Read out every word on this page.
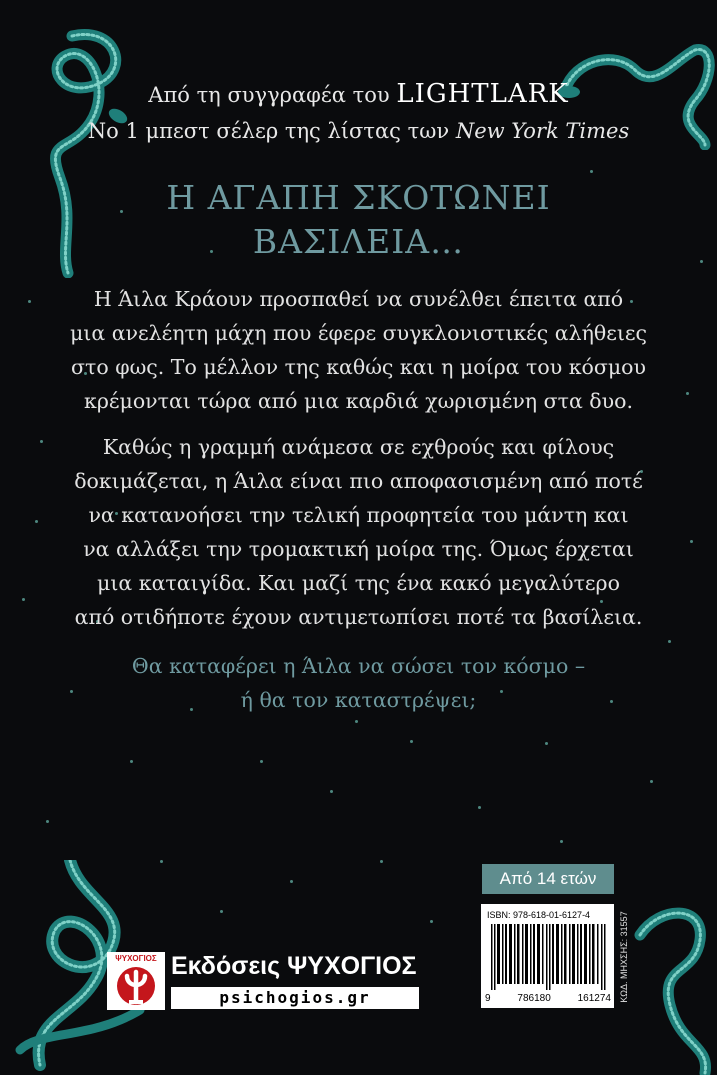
Από τη συγγραφέα του LIGHTLARK
Νο 1 μπεστ σέλερ της λίστας των New York Times
Η ΑΓΑΠΗ ΣΚΟΤΩΝΕΙ
ΒΑΣΙΛΕΙΑ…
Η Άιλα Κράουν προσπαθεί να συνέλθει έπειτα από
μια ανελέητη μάχη που έφερε συγκλονιστικές αλήθειες
στο φως. Το μέλλον της καθώς και η μοίρα του κόσμου
κρέμονται τώρα από μια καρδιά χωρισμένη στα δυο.
Καθώς η γραμμή ανάμεσα σε εχθρούς και φίλους
δοκιμάζεται, η Άιλα είναι πιο αποφασισμένη από ποτέ
να κατανοήσει την τελική προφητεία του μάντη και
να αλλάξει την τρομακτική μοίρα της. Όμως έρχεται
μια καταιγίδα. Και μαζί της ένα κακό μεγαλύτερο
από οτιδήποτε έχουν αντιμετωπίσει ποτέ τα βασίλεια.
Θα καταφέρει η Άιλα να σώσει τον κόσμο –
ή θα τον καταστρέψει;
Από 14 ετών
ISBN: 978-618-01-6127-4
9	786180	161274 ΚΩΔ. ΜΗΧΣΗΣ: 31557
ΨΥΧΟΓΙΟΣ Εκδόσεις ΨΥΧΟΓΙΟΣ
psichogios.gr
